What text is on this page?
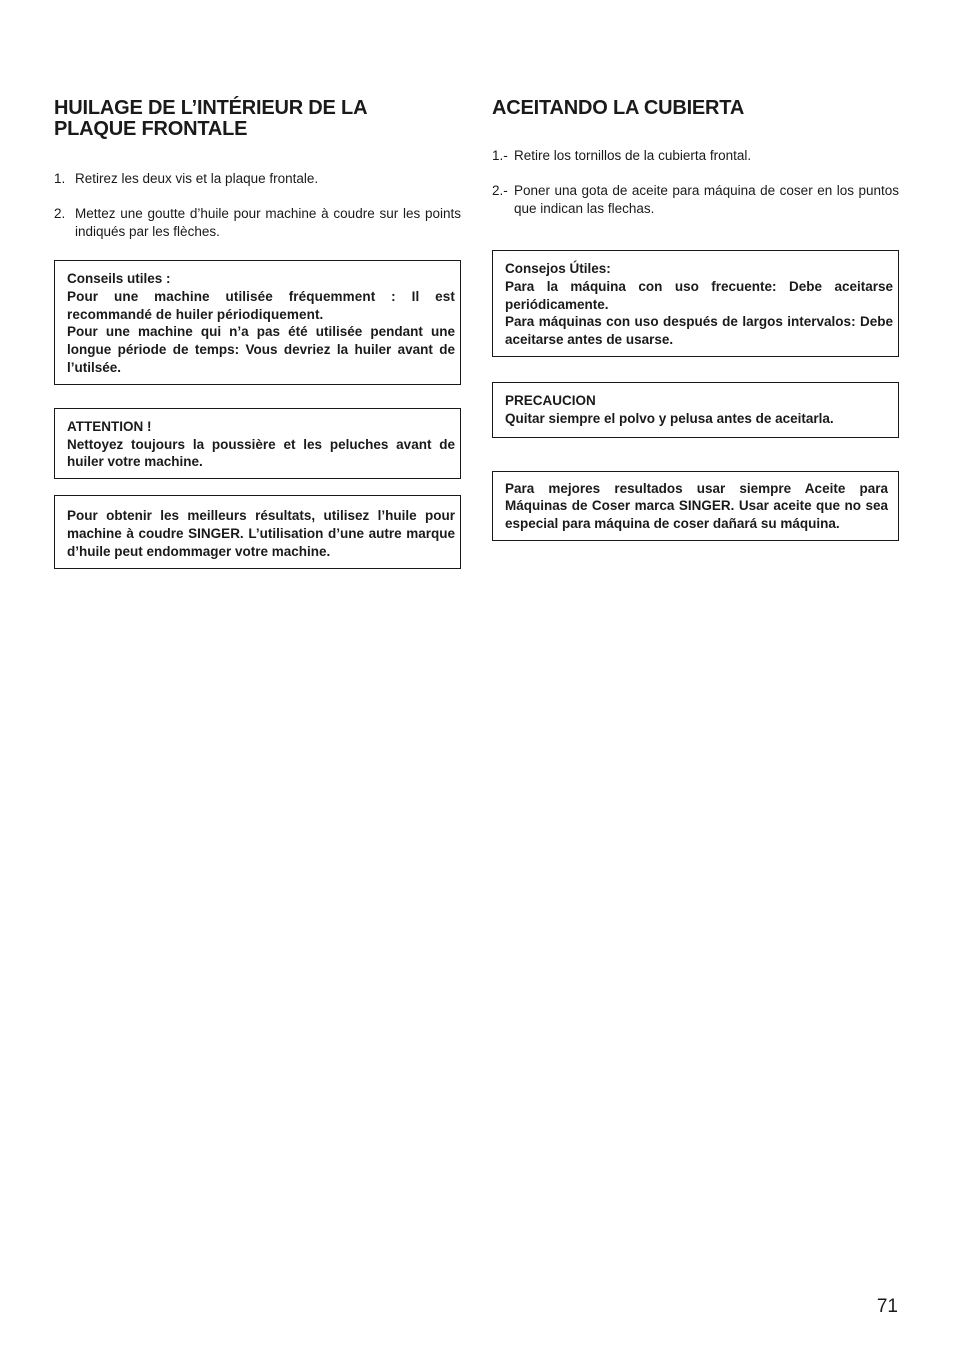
HUILAGE DE L’INTÉRIEUR DE LA PLAQUE FRONTALE
1. Retirez les deux vis et la plaque frontale.
2. Mettez une goutte d’huile pour machine à coudre sur les points indiqués par les flèches.

Conseils utiles :

Pour une machine utilisée fréquemment : Il est recommandé de huiler périodiquement.

Pour une machine qui n’a pas été utilisée pendant une longue période de temps: Vous devriez la huiler avant de l’utilsée.

ATTENTION !

Nettoyez toujours la poussière et les peluches avant de huiler votre machine.

Pour obtenir les meilleurs résultats, utilisez l’huile pour machine à coudre SINGER. L’utilisation d’une autre marque d’huile peut endommager votre machine.

ACEITANDO LA CUBIERTA
1.- Retire los tornillos de la cubierta frontal.
2.- Poner una gota de aceite para máquina de coser en los puntos que indican las flechas.

Consejos Útiles:

Para la máquina con uso frecuente: Debe aceitarse periódicamente.

Para máquinas con uso después de largos intervalos: Debe aceitarse antes de usarse.

PRECAUCION

Quitar siempre el polvo y pelusa antes de aceitarla.

Para mejores resultados usar siempre Aceite para Máquinas de Coser marca SINGER. Usar aceite que no sea especial para máquina de coser dañará su máquina.

71
